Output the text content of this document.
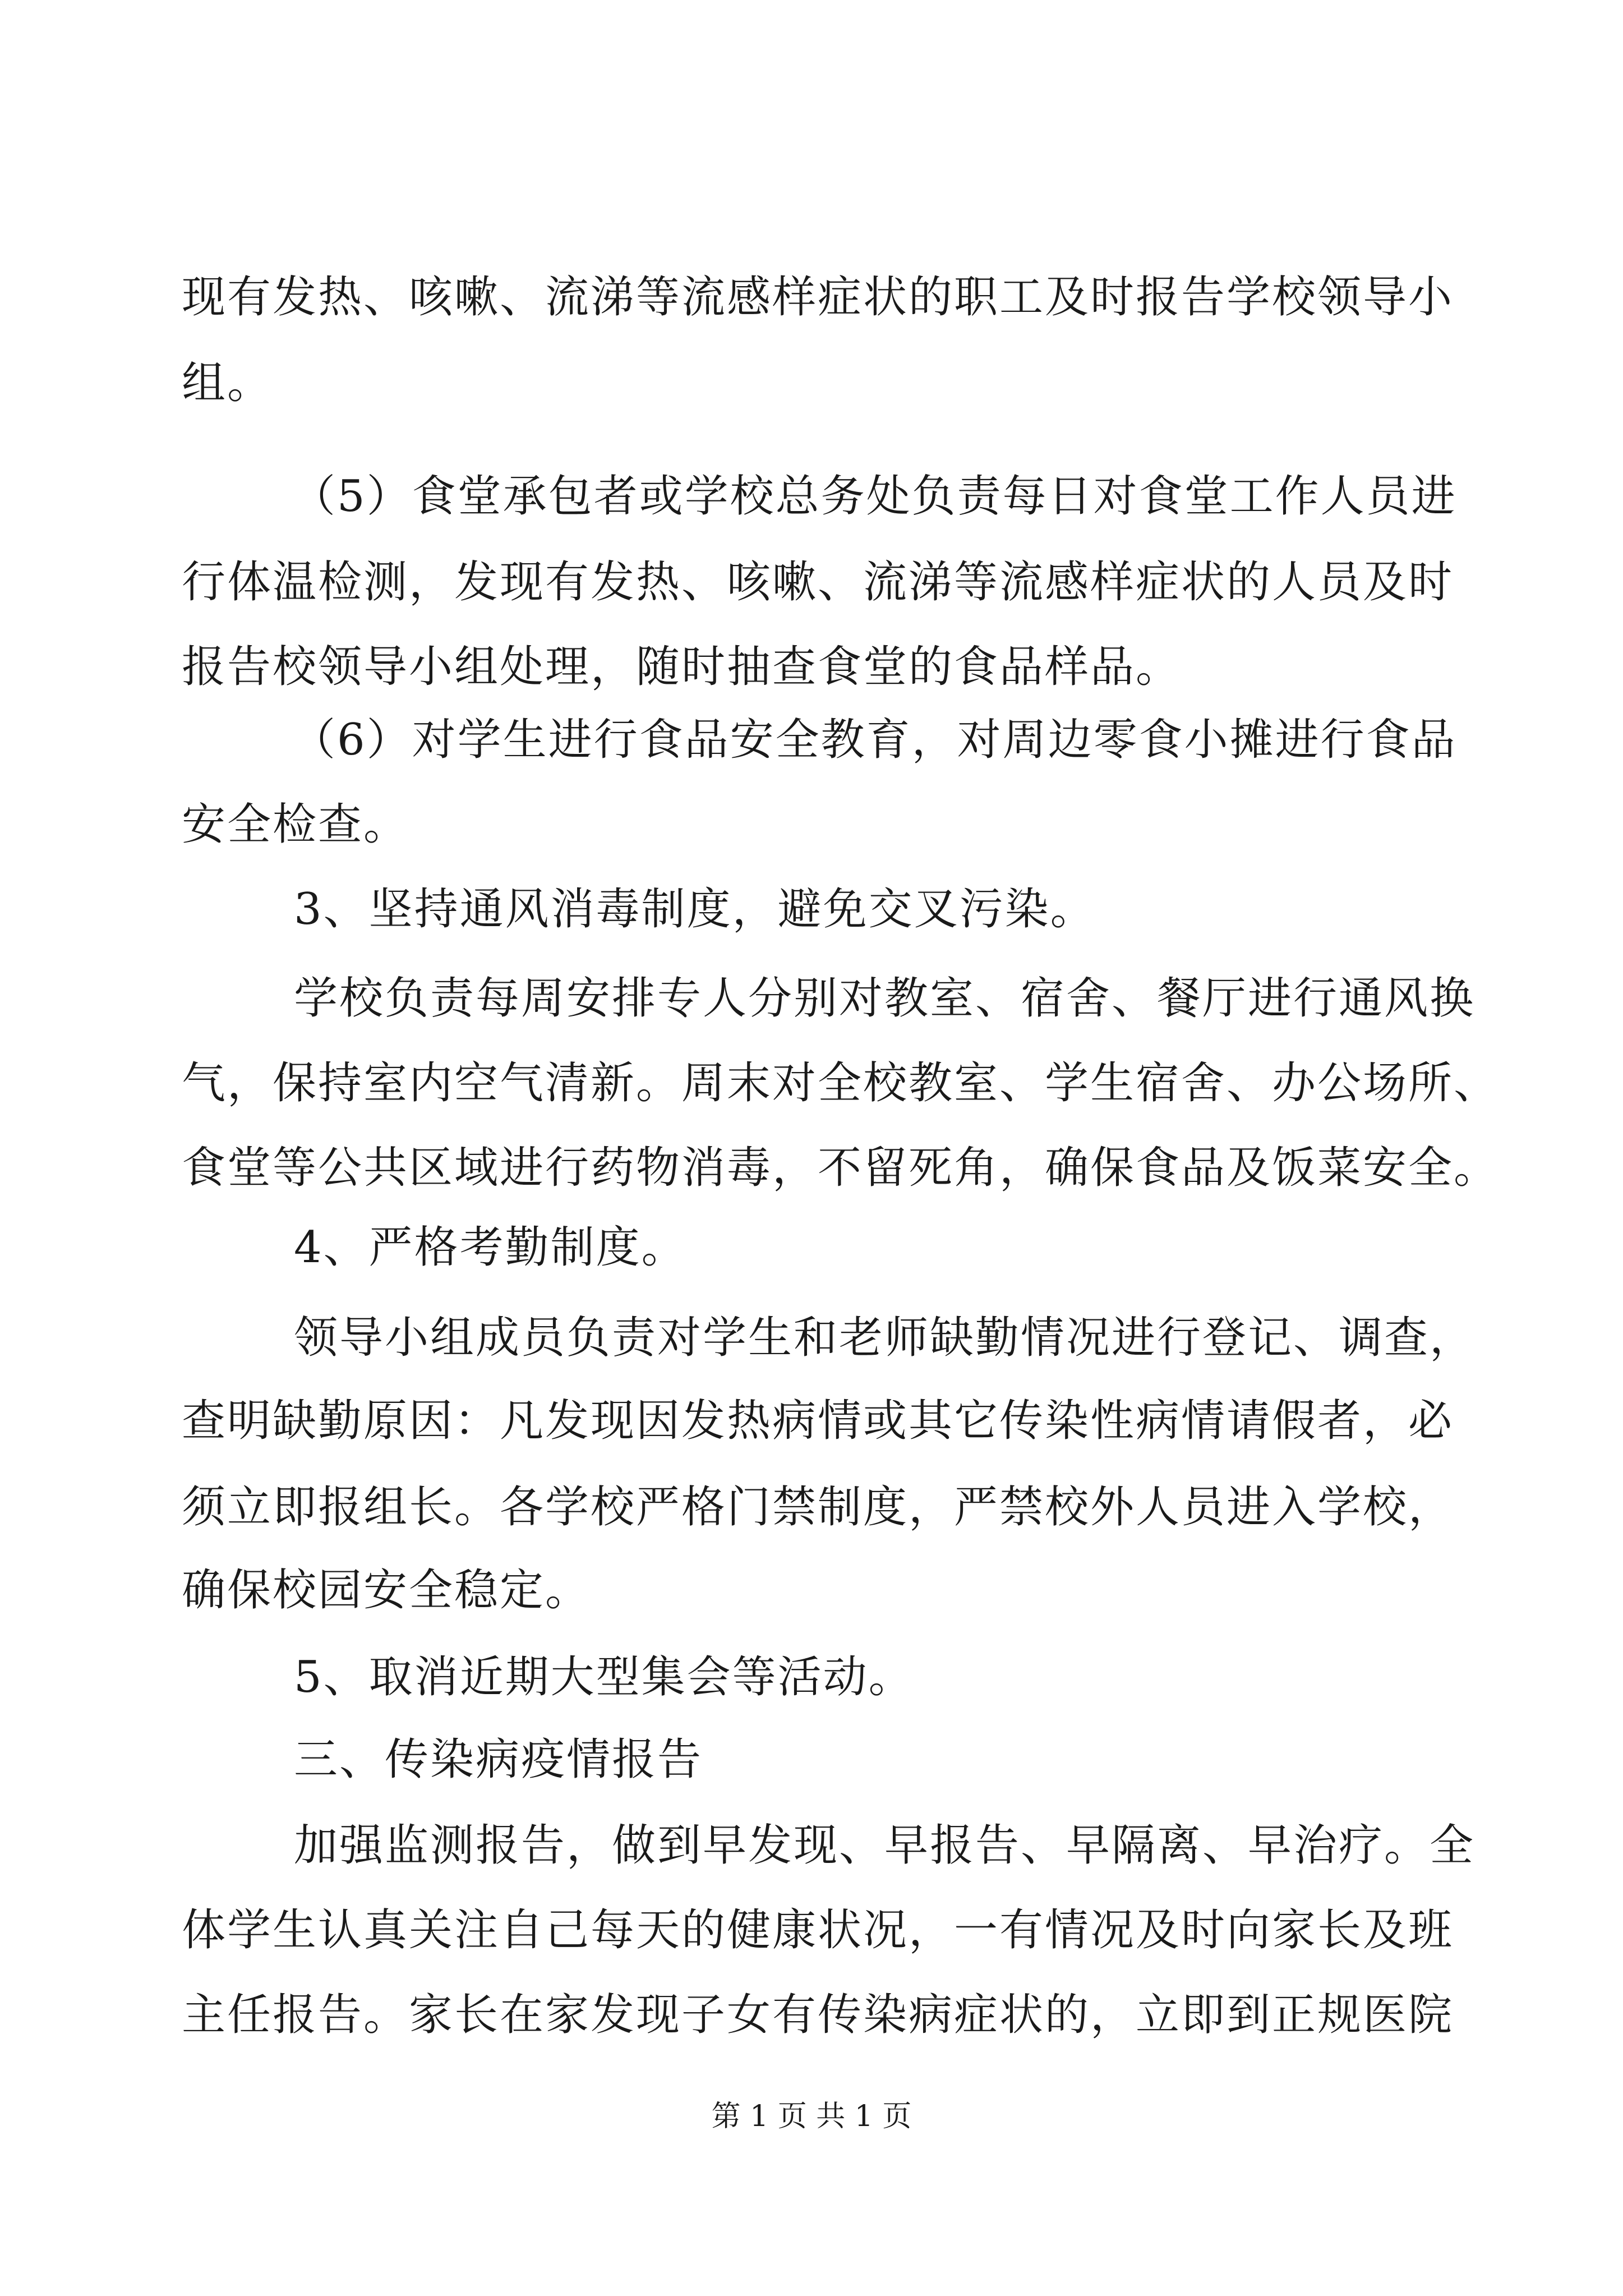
现有发热、咳嗽、流涕等流感样症状的职工及时报告学校领导小
组。
（5）食堂承包者或学校总务处负责每日对食堂工作人员进
行体温检测，发现有发热、咳嗽、流涕等流感样症状的人员及时
报告校领导小组处理，随时抽查食堂的食品样品。
（6）对学生进行食品安全教育，对周边零食小摊进行食品
安全检查。
3、坚持通风消毒制度，避免交叉污染。
学校负责每周安排专人分别对教室、宿舍、餐厅进行通风换
气，保持室内空气清新。周末对全校教室、学生宿舍、办公场所、
食堂等公共区域进行药物消毒，不留死角，确保食品及饭菜安全。
4、严格考勤制度。
领导小组成员负责对学生和老师缺勤情况进行登记、调查，
查明缺勤原因：凡发现因发热病情或其它传染性病情请假者，必
须立即报组长。各学校严格门禁制度，严禁校外人员进入学校，
确保校园安全稳定。
5、取消近期大型集会等活动。
三、传染病疫情报告
加强监测报告，做到早发现、早报告、早隔离、早治疗。全
体学生认真关注自己每天的健康状况，一有情况及时向家长及班
主任报告。家长在家发现子女有传染病症状的，立即到正规医院
第 1 页 共 1 页
